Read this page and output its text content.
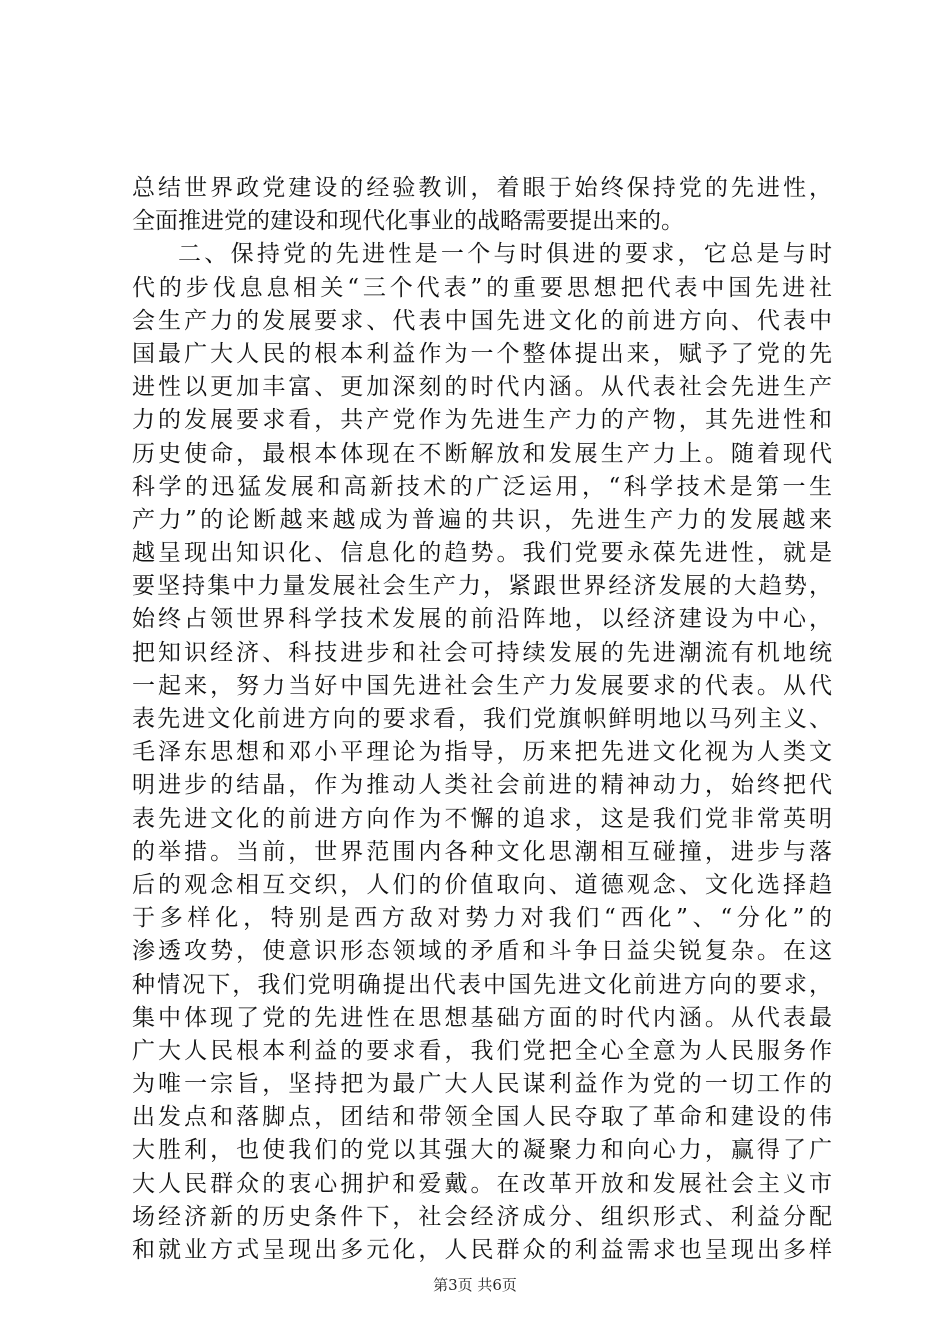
总结世界政党建设的经验教训，着眼于始终保持党的先进性，
全面推进党的建设和现代化事业的战略需要提出来的。
二、保持党的先进性是一个与时俱进的要求，它总是与时
代的步伐息息相关“三个代表”的重要思想把代表中国先进社
会生产力的发展要求、代表中国先进文化的前进方向、代表中
国最广大人民的根本利益作为一个整体提出来，赋予了党的先
进性以更加丰富、更加深刻的时代内涵。从代表社会先进生产
力的发展要求看，共产党作为先进生产力的产物，其先进性和
历史使命，最根本体现在不断解放和发展生产力上。随着现代
科学的迅猛发展和高新技术的广泛运用，“科学技术是第一生
产力”的论断越来越成为普遍的共识，先进生产力的发展越来
越呈现出知识化、信息化的趋势。我们党要永葆先进性，就是
要坚持集中力量发展社会生产力，紧跟世界经济发展的大趋势，
始终占领世界科学技术发展的前沿阵地，以经济建设为中心，
把知识经济、科技进步和社会可持续发展的先进潮流有机地统
一起来，努力当好中国先进社会生产力发展要求的代表。从代
表先进文化前进方向的要求看，我们党旗帜鲜明地以马列主义、
毛泽东思想和邓小平理论为指导，历来把先进文化视为人类文
明进步的结晶，作为推动人类社会前进的精神动力，始终把代
表先进文化的前进方向作为不懈的追求，这是我们党非常英明
的举措。当前，世界范围内各种文化思潮相互碰撞，进步与落
后的观念相互交织，人们的价值取向、道德观念、文化选择趋
于多样化，特别是西方敌对势力对我们“西化”、“分化”的
渗透攻势，使意识形态领域的矛盾和斗争日益尖锐复杂。在这
种情况下，我们党明确提出代表中国先进文化前进方向的要求，
集中体现了党的先进性在思想基础方面的时代内涵。从代表最
广大人民根本利益的要求看，我们党把全心全意为人民服务作
为唯一宗旨，坚持把为最广大人民谋利益作为党的一切工作的
出发点和落脚点，团结和带领全国人民夺取了革命和建设的伟
大胜利，也使我们的党以其强大的凝聚力和向心力，赢得了广
大人民群众的衷心拥护和爱戴。在改革开放和发展社会主义市
场经济新的历史条件下，社会经济成分、组织形式、利益分配
和就业方式呈现出多元化，人民群众的利益需求也呈现出多样
第3页 共6页
